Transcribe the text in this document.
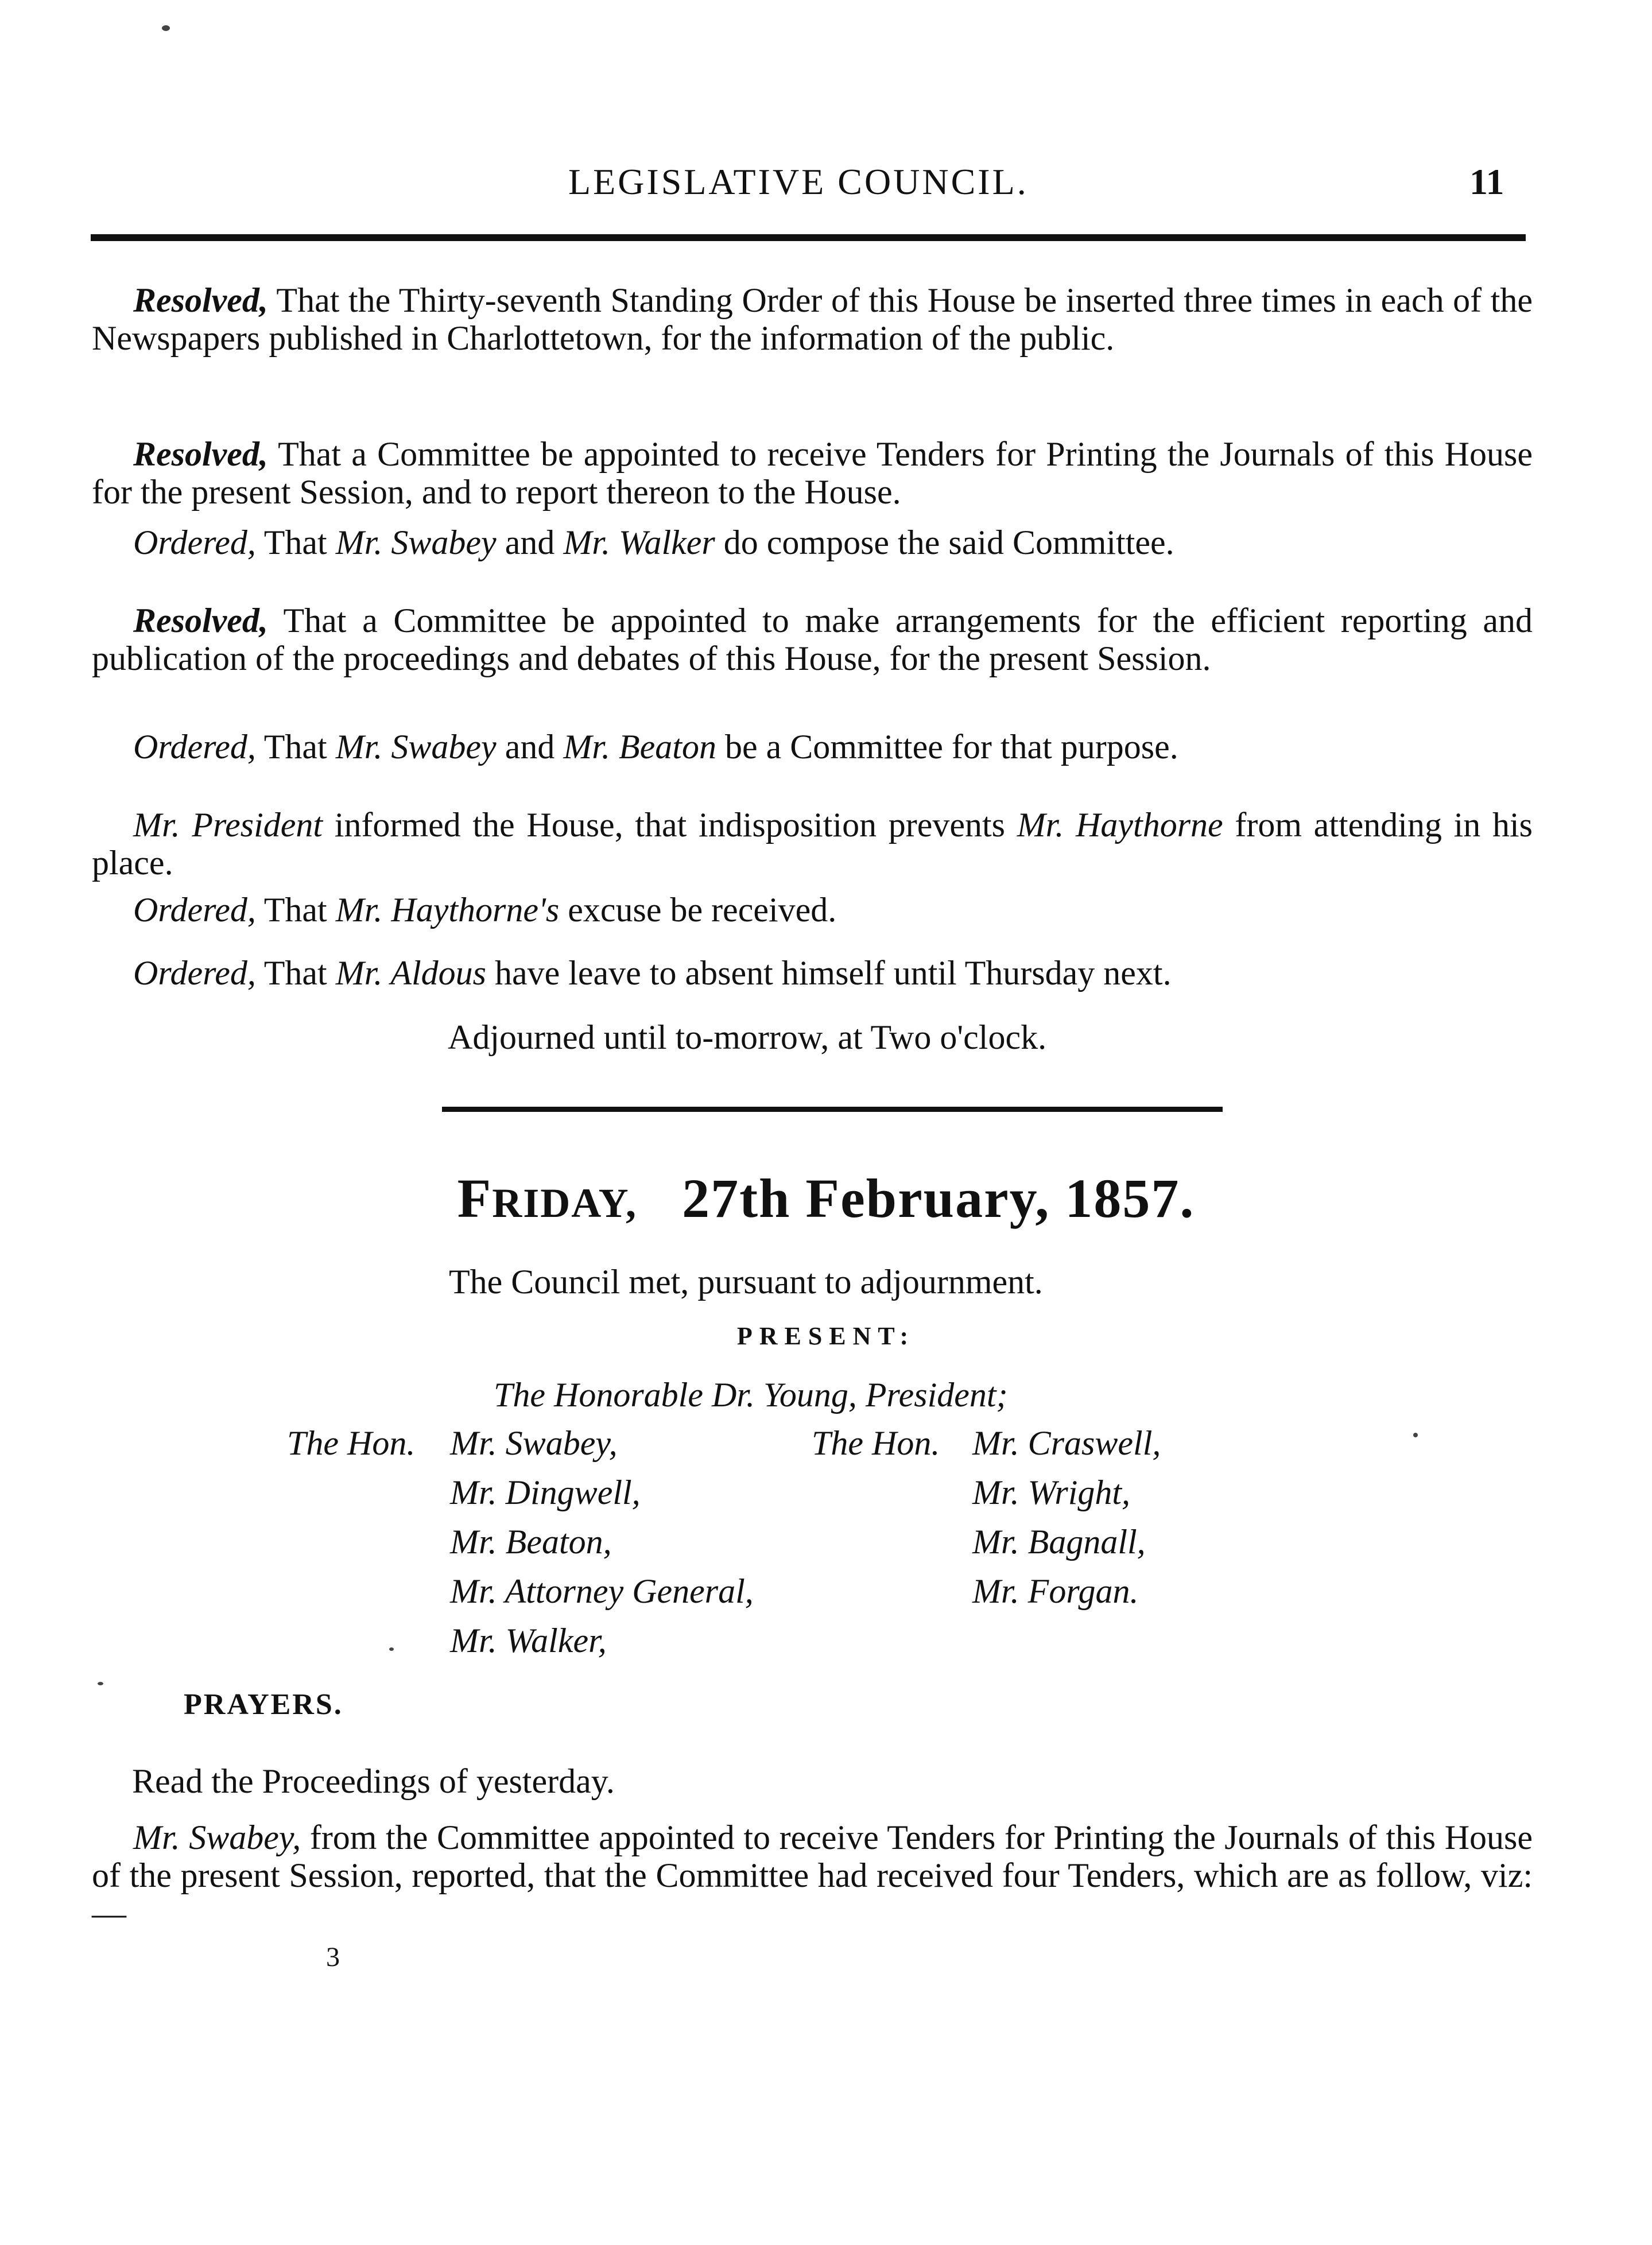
LEGISLATIVE COUNCIL.	11
Resolved, That the Thirty-seventh Standing Order of this House be inserted three times in each of the Newspapers published in Charlottetown, for the information of the public.
Resolved, That a Committee be appointed to receive Tenders for Printing the Journals of this House for the present Session, and to report thereon to the House.
Ordered, That Mr. Swabey and Mr. Walker do compose the said Committee.
Resolved, That a Committee be appointed to make arrangements for the efficient reporting and publication of the proceedings and debates of this House, for the present Session.
Ordered, That Mr. Swabey and Mr. Beaton be a Committee for that purpose.
Mr. President informed the House, that indisposition prevents Mr. Haythorne from attending in his place.
Ordered, That Mr. Haythorne's excuse be received.
Ordered, That Mr. Aldous have leave to absent himself until Thursday next.
Adjourned until to-morrow, at Two o'clock.
FRIDAY, 27th February, 1857.
The Council met, pursuant to adjournment.
PRESENT:
The Honorable Dr. Young, President;
The Hon.	The Hon.
Mr. Swabey,
Mr. Dingwell,
Mr. Beaton,
Mr. Attorney General,
Mr. Walker,
Mr. Craswell,
Mr. Wright,
Mr. Bagnall,
Mr. Forgan.
PRAYERS.
Read the Proceedings of yesterday.
Mr. Swabey, from the Committee appointed to receive Tenders for Printing the Journals of this House of the present Session, reported, that the Committee had received four Tenders, which are as follow, viz:—
3
